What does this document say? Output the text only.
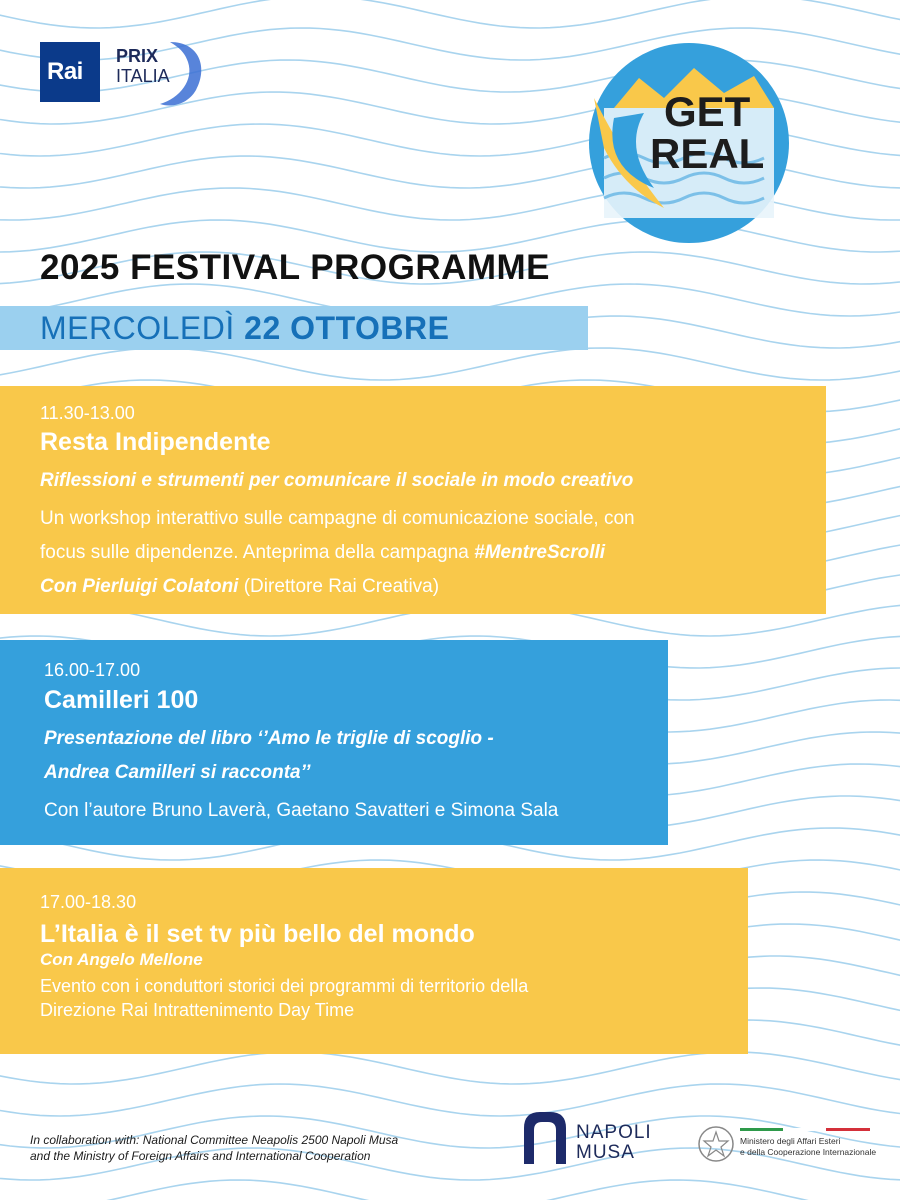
Rai
PRIX
ITALIA
GET
REAL
2025 FESTIVAL PROGRAMME
MERCOLEDÌ 22 OTTOBRE
11.30-13.00
Resta Indipendente
Riflessioni e strumenti per comunicare il sociale in modo creativo
Un workshop interattivo sulle campagne di comunicazione sociale, con
focus sulle dipendenze. Anteprima della campagna #MentreScrolli
Con Pierluigi Colatoni (Direttore Rai Creativa)
16.00-17.00
Camilleri 100
Presentazione del libro ‘’Amo le triglie di scoglio -
Andrea Camilleri si racconta’’
Con l’autore Bruno Laverà, Gaetano Savatteri e Simona Sala
17.00-18.30
L’Italia è il set tv più bello del mondo
Con Angelo Mellone
Evento con i conduttori storici dei programmi di territorio della
Direzione Rai Intrattenimento Day Time
In collaboration with: National Committee Neapolis 2500 Napoli Musa
and the Ministry of Foreign Affairs and International Cooperation
NAPOLI
MUSA
Ministero degli Affari Esteri
e della Cooperazione Internazionale
